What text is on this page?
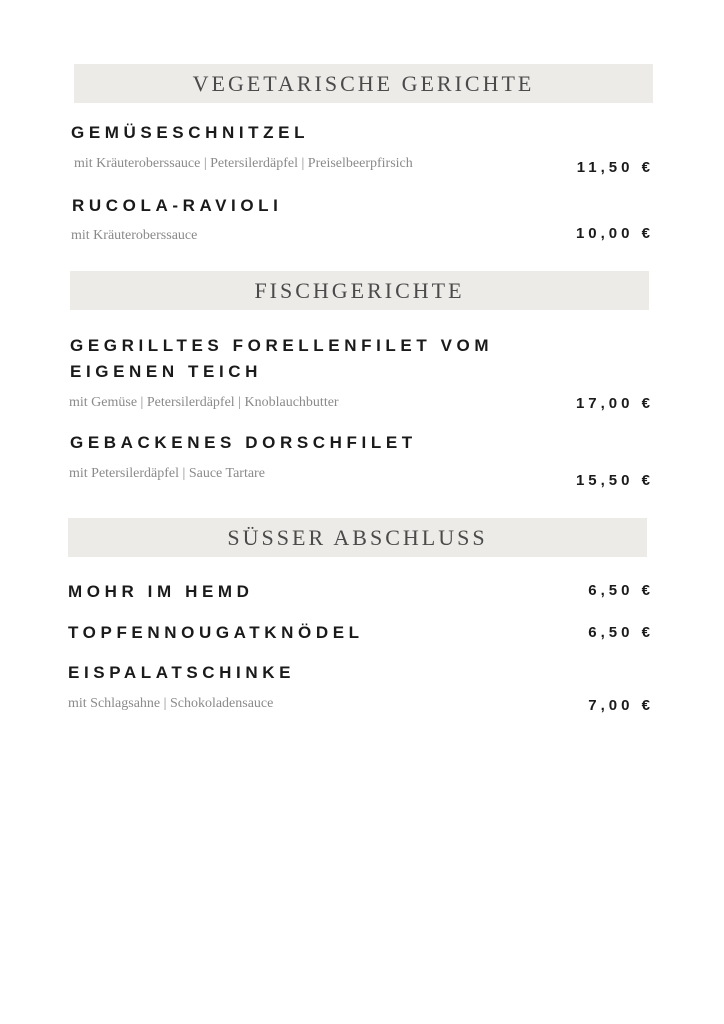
VEGETARISCHE GERICHTE
GEMÜSESCHNITZEL
mit Kräuteroberssauce | Petersilerdäpfel | Preiselbeerpfirsich	11,50 €
RUCOLA-RAVIOLI
mit Kräuteroberssauce	10,00 €
FISCHGERICHTE
GEGRILLTES FORELLENFILET VOM
EIGENEN TEICH
mit Gemüse | Petersilerdäpfel | Knoblauchbutter	17,00 €
GEBACKENES DORSCHFILET
mit Petersilerdäpfel | Sauce Tartare	15,50 €
SÜSSER ABSCHLUSS
MOHR IM HEMD	6,50 €
TOPFENNOUGATKNÖDEL	6,50 €
EISPALATSCHINKE
mit Schlagsahne | Schokoladensauce	7,00 €
